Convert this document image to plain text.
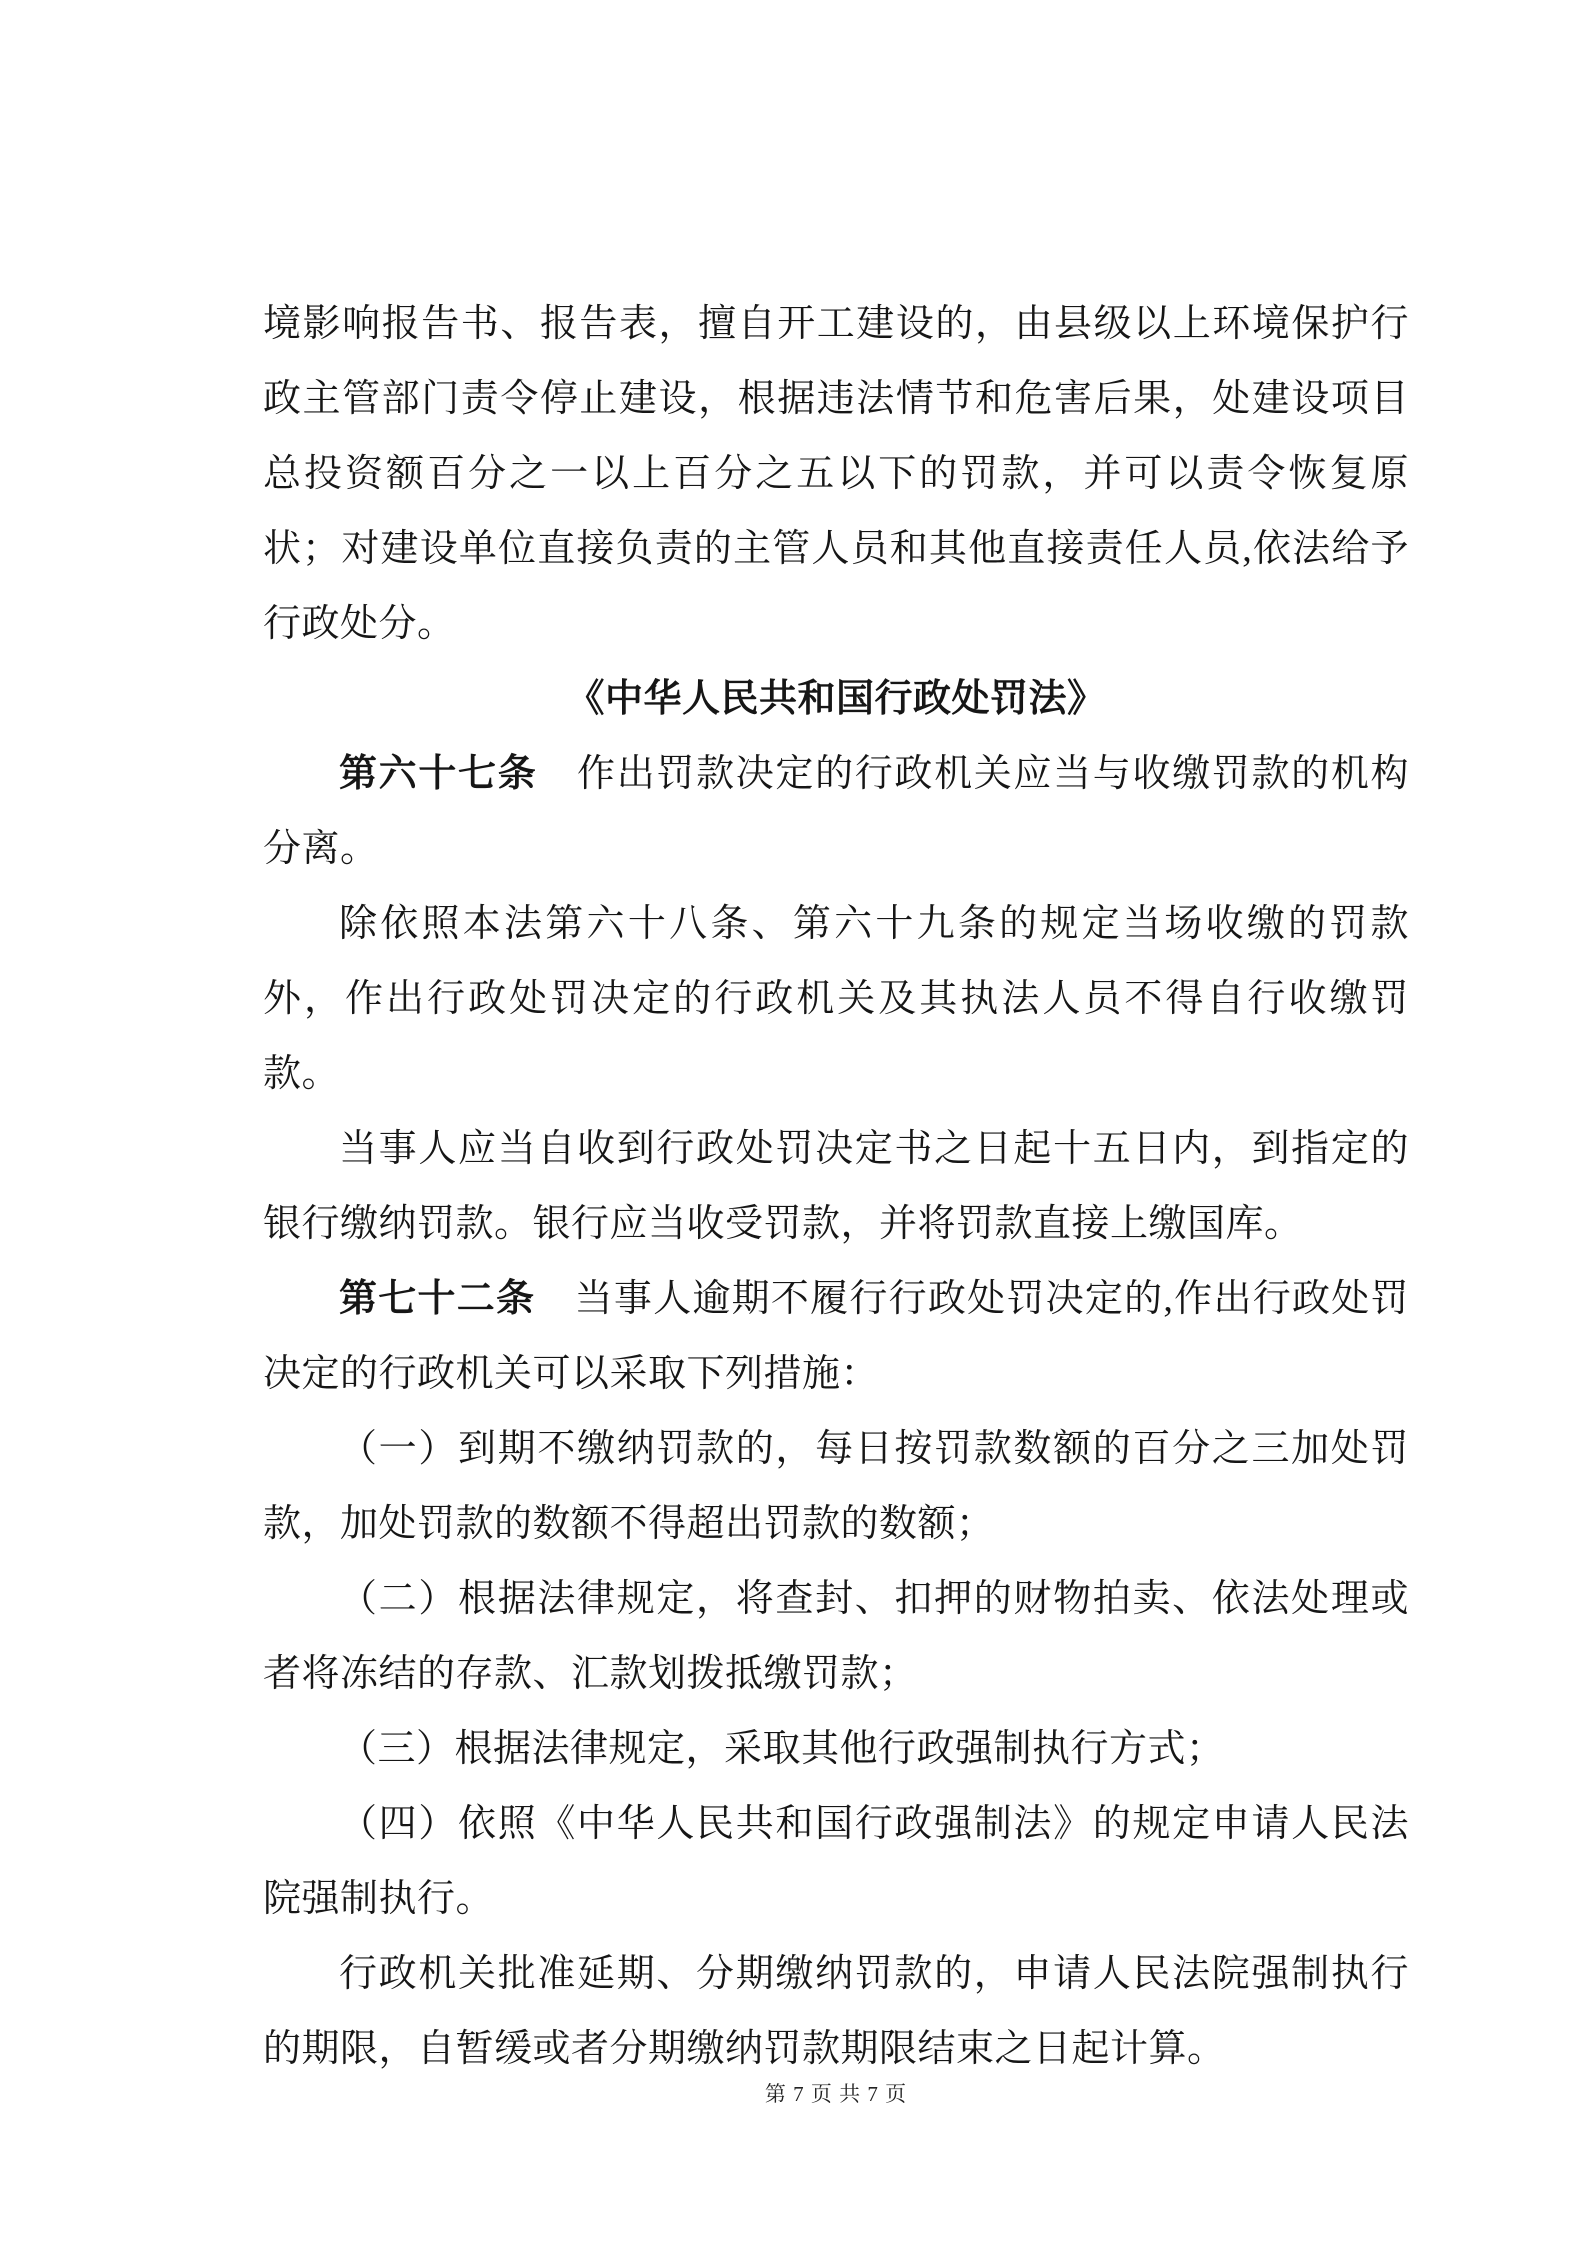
境影响报告书、报告表，擅自开工建设的，由县级以上环境保护行政主管部门责令停止建设，根据违法情节和危害后果，处建设项目总投资额百分之一以上百分之五以下的罚款，并可以责令恢复原状；对建设单位直接负责的主管人员和其他直接责任人员,依法给予行政处分。

《中华人民共和国行政处罚法》

第六十七条　作出罚款决定的行政机关应当与收缴罚款的机构分离。

除依照本法第六十八条、第六十九条的规定当场收缴的罚款外，作出行政处罚决定的行政机关及其执法人员不得自行收缴罚款。

当事人应当自收到行政处罚决定书之日起十五日内，到指定的银行缴纳罚款。银行应当收受罚款，并将罚款直接上缴国库。

第七十二条　当事人逾期不履行行政处罚决定的,作出行政处罚决定的行政机关可以采取下列措施：

（一）到期不缴纳罚款的，每日按罚款数额的百分之三加处罚款，加处罚款的数额不得超出罚款的数额；

（二）根据法律规定，将查封、扣押的财物拍卖、依法处理或者将冻结的存款、汇款划拨抵缴罚款；

（三）根据法律规定，采取其他行政强制执行方式；

（四）依照《中华人民共和国行政强制法》的规定申请人民法院强制执行。

行政机关批准延期、分期缴纳罚款的，申请人民法院强制执行的期限，自暂缓或者分期缴纳罚款期限结束之日起计算。

第 7 页 共 7 页
